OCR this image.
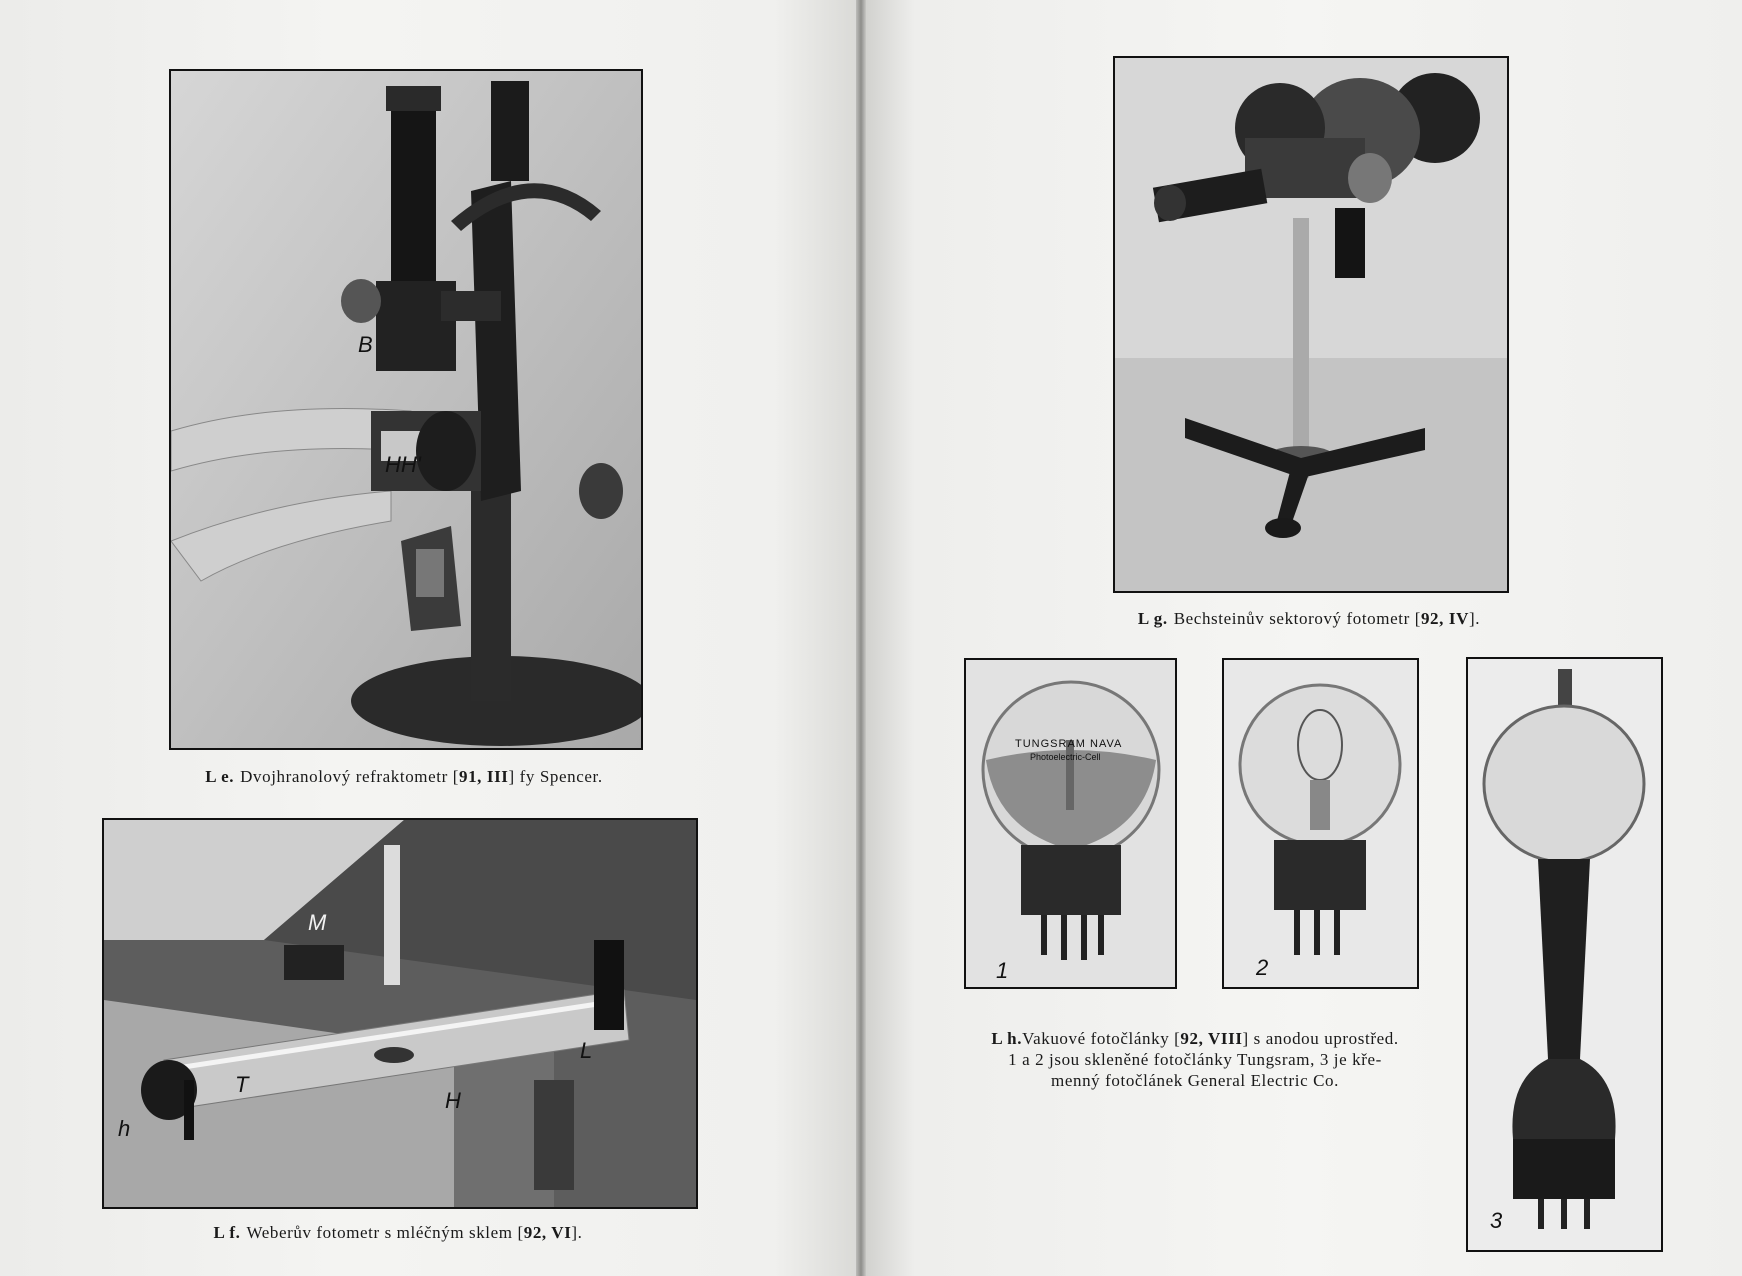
B
HH'
L e. Dvojhranolový refraktometr [91, III] fy Spencer.
M
T
H
h
L
L f. Weberův fotometr s mléčným sklem [92, VI].
L g. Bechsteinův sektorový fotometr [92, IV].
TUNGSRAM NAVA
Photoelectric-Cell
1	2
3
L h.Vakuové fotočlánky [92, VIII] s anodou uprostřed.
1 a 2 jsou skleněné fotočlánky Tungsram, 3 je kře-
menný fotočlánek General Electric Co.
